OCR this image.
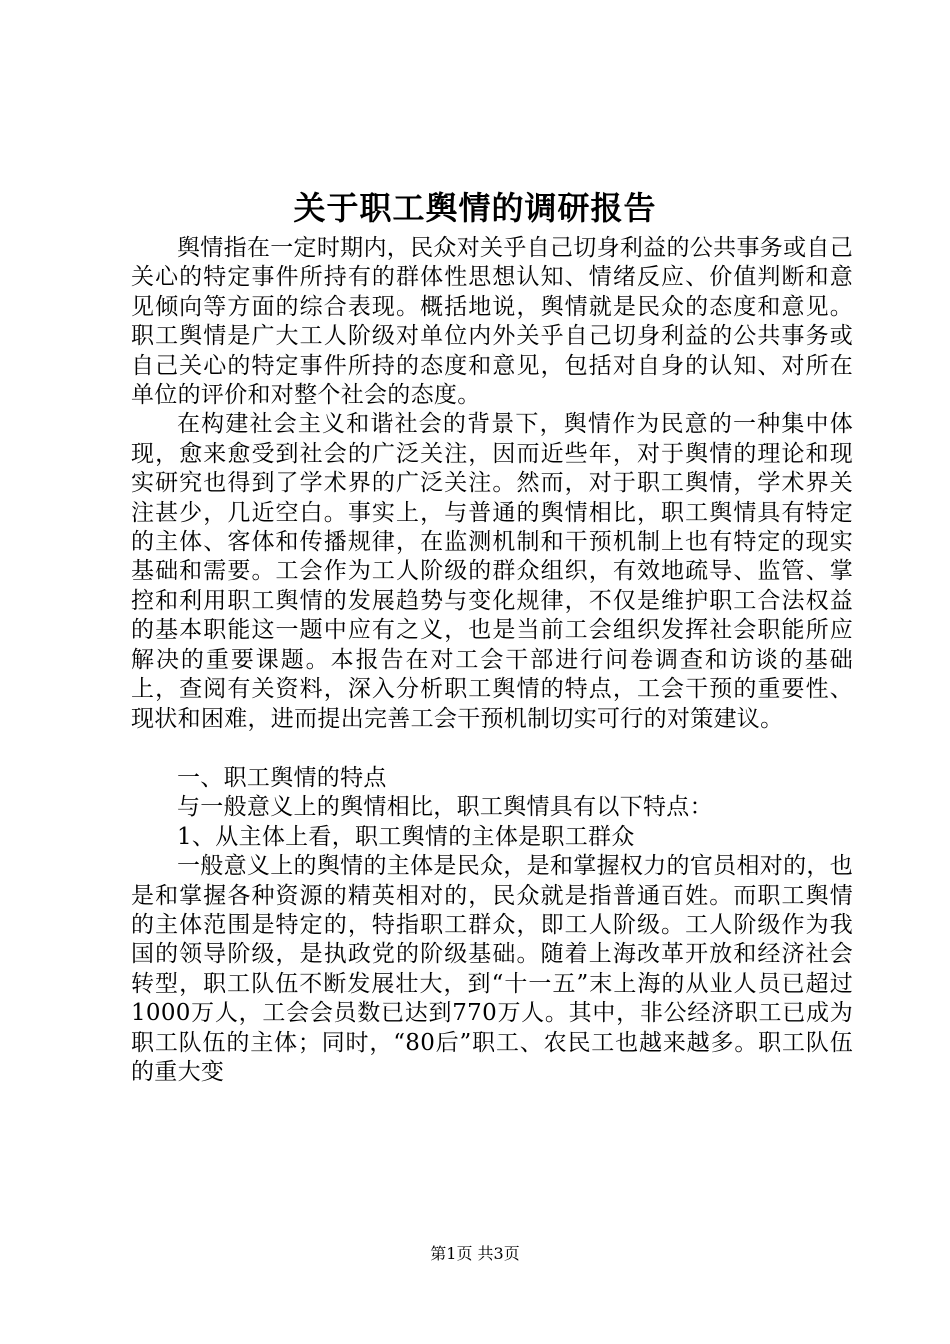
关于职工舆情的调研报告

舆情指在一定时期内，民众对关乎自己切身利益的公共事务或自己关心的特定事件所持有的群体性思想认知、情绪反应、价值判断和意见倾向等方面的综合表现。概括地说，舆情就是民众的态度和意见。职工舆情是广大工人阶级对单位内外关乎自己切身利益的公共事务或自己关心的特定事件所持的态度和意见，包括对自身的认知、对所在单位的评价和对整个社会的态度。

在构建社会主义和谐社会的背景下，舆情作为民意的一种集中体现，愈来愈受到社会的广泛关注，因而近些年，对于舆情的理论和现实研究也得到了学术界的广泛关注。然而，对于职工舆情，学术界关注甚少，几近空白。事实上，与普通的舆情相比，职工舆情具有特定的主体、客体和传播规律，在监测机制和干预机制上也有特定的现实基础和需要。工会作为工人阶级的群众组织，有效地疏导、监管、掌控和利用职工舆情的发展趋势与变化规律，不仅是维护职工合法权益的基本职能这一题中应有之义，也是当前工会组织发挥社会职能所应解决的重要课题。本报告在对工会干部进行问卷调查和访谈的基础上，查阅有关资料，深入分析职工舆情的特点，工会干预的重要性、现状和困难，进而提出完善工会干预机制切实可行的对策建议。

一、职工舆情的特点

与一般意义上的舆情相比，职工舆情具有以下特点：

1、从主体上看，职工舆情的主体是职工群众

一般意义上的舆情的主体是民众，是和掌握权力的官员相对的，也是和掌握各种资源的精英相对的，民众就是指普通百姓。而职工舆情的主体范围是特定的，特指职工群众，即工人阶级。工人阶级作为我国的领导阶级，是执政党的阶级基础。随着上海改革开放和经济社会转型，职工队伍不断发展壮大，到“十一五”末上海的从业人员已超过1000万人，工会会员数已达到770万人。其中，非公经济职工已成为职工队伍的主体；同时，“80后”职工、农民工也越来越多。职工队伍的重大变

第1页 共3页
